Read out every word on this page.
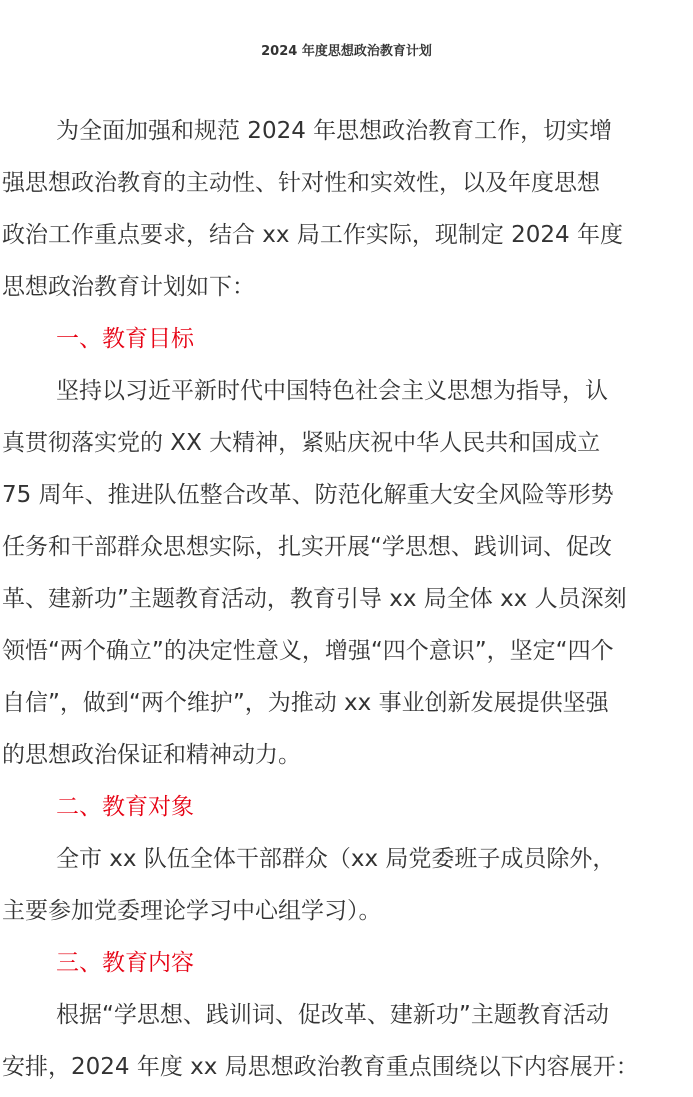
2024 年度思想政治教育计划
为全面加强和规范 2024 年思想政治教育工作，切实增
强思想政治教育的主动性、针对性和实效性，以及年度思想
政治工作重点要求，结合 xx 局工作实际，现制定 2024 年度
思想政治教育计划如下：
一、教育目标
坚持以习近平新时代中国特色社会主义思想为指导，认
真贯彻落实党的 XX 大精神，紧贴庆祝中华人民共和国成立
75 周年、推进队伍整合改革、防范化解重大安全风险等形势
任务和干部群众思想实际，扎实开展“学思想、践训词、促改
革、建新功”主题教育活动，教育引导 xx 局全体 xx 人员深刻
领悟“两个确立”的决定性意义，增强“四个意识”，坚定“四个
自信”，做到“两个维护”，为推动 xx 事业创新发展提供坚强
的思想政治保证和精神动力。
二、教育对象
全市 xx 队伍全体干部群众（xx 局党委班子成员除外，
主要参加党委理论学习中心组学习）。
三、教育内容
根据“学思想、践训词、促改革、建新功”主题教育活动
安排，2024 年度 xx 局思想政治教育重点围绕以下内容展开：
